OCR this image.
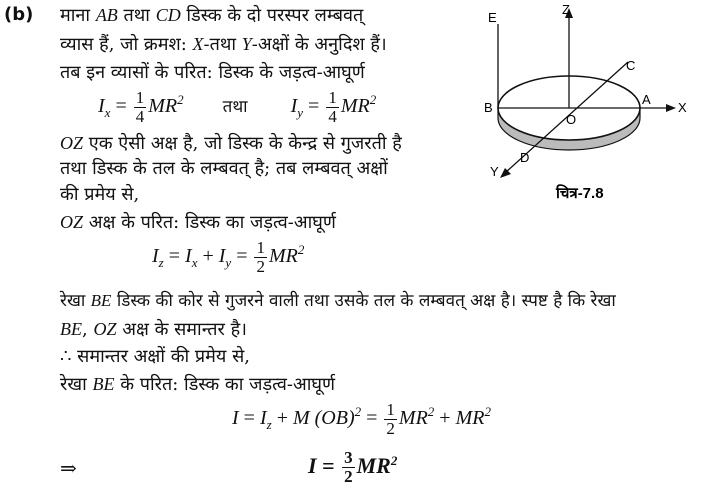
(b) माना AB तथा CD डिस्क के दो परस्पर लम्बवत्
व्यास हैं, जो क्रमश: X-तथा Y-अक्षों के अनुदिश हैं।
तब इन व्यासों के परित: डिस्क के जड़त्व-आघूर्ण
$I_x = \frac{1}{4} MR^2$ तथा $I_y = \frac{1}{4} MR^2$
OZ एक ऐसी अक्ष है, जो डिस्क के केन्द्र से गुजरती है
तथा डिस्क के तल के लम्बवत् है; तब लम्बवत् अक्षों
की प्रमेय से,
OZ अक्ष के परित: डिस्क का जड़त्व-आघूर्ण
$I_z = I_x + I_y = \frac{1}{2} MR^2$
रेखा BE डिस्क की कोर से गुजरने वाली तथा उसके तल के लम्बवत् अक्ष है। स्पष्ट है कि रेखा
BE, OZ अक्ष के समान्तर है।
∴ समान्तर अक्षों की प्रमेय से,
रेखा BE के परित: डिस्क का जड़त्व-आघूर्ण
$I = I_z + M$ $(OB)^2 = \frac{1}{2} MR^2 + MR^2$
⇒	$I = \frac{3}{2} MR^2$
E
Z
C
B
A
X
O
Y
D
चित्र-7.8
